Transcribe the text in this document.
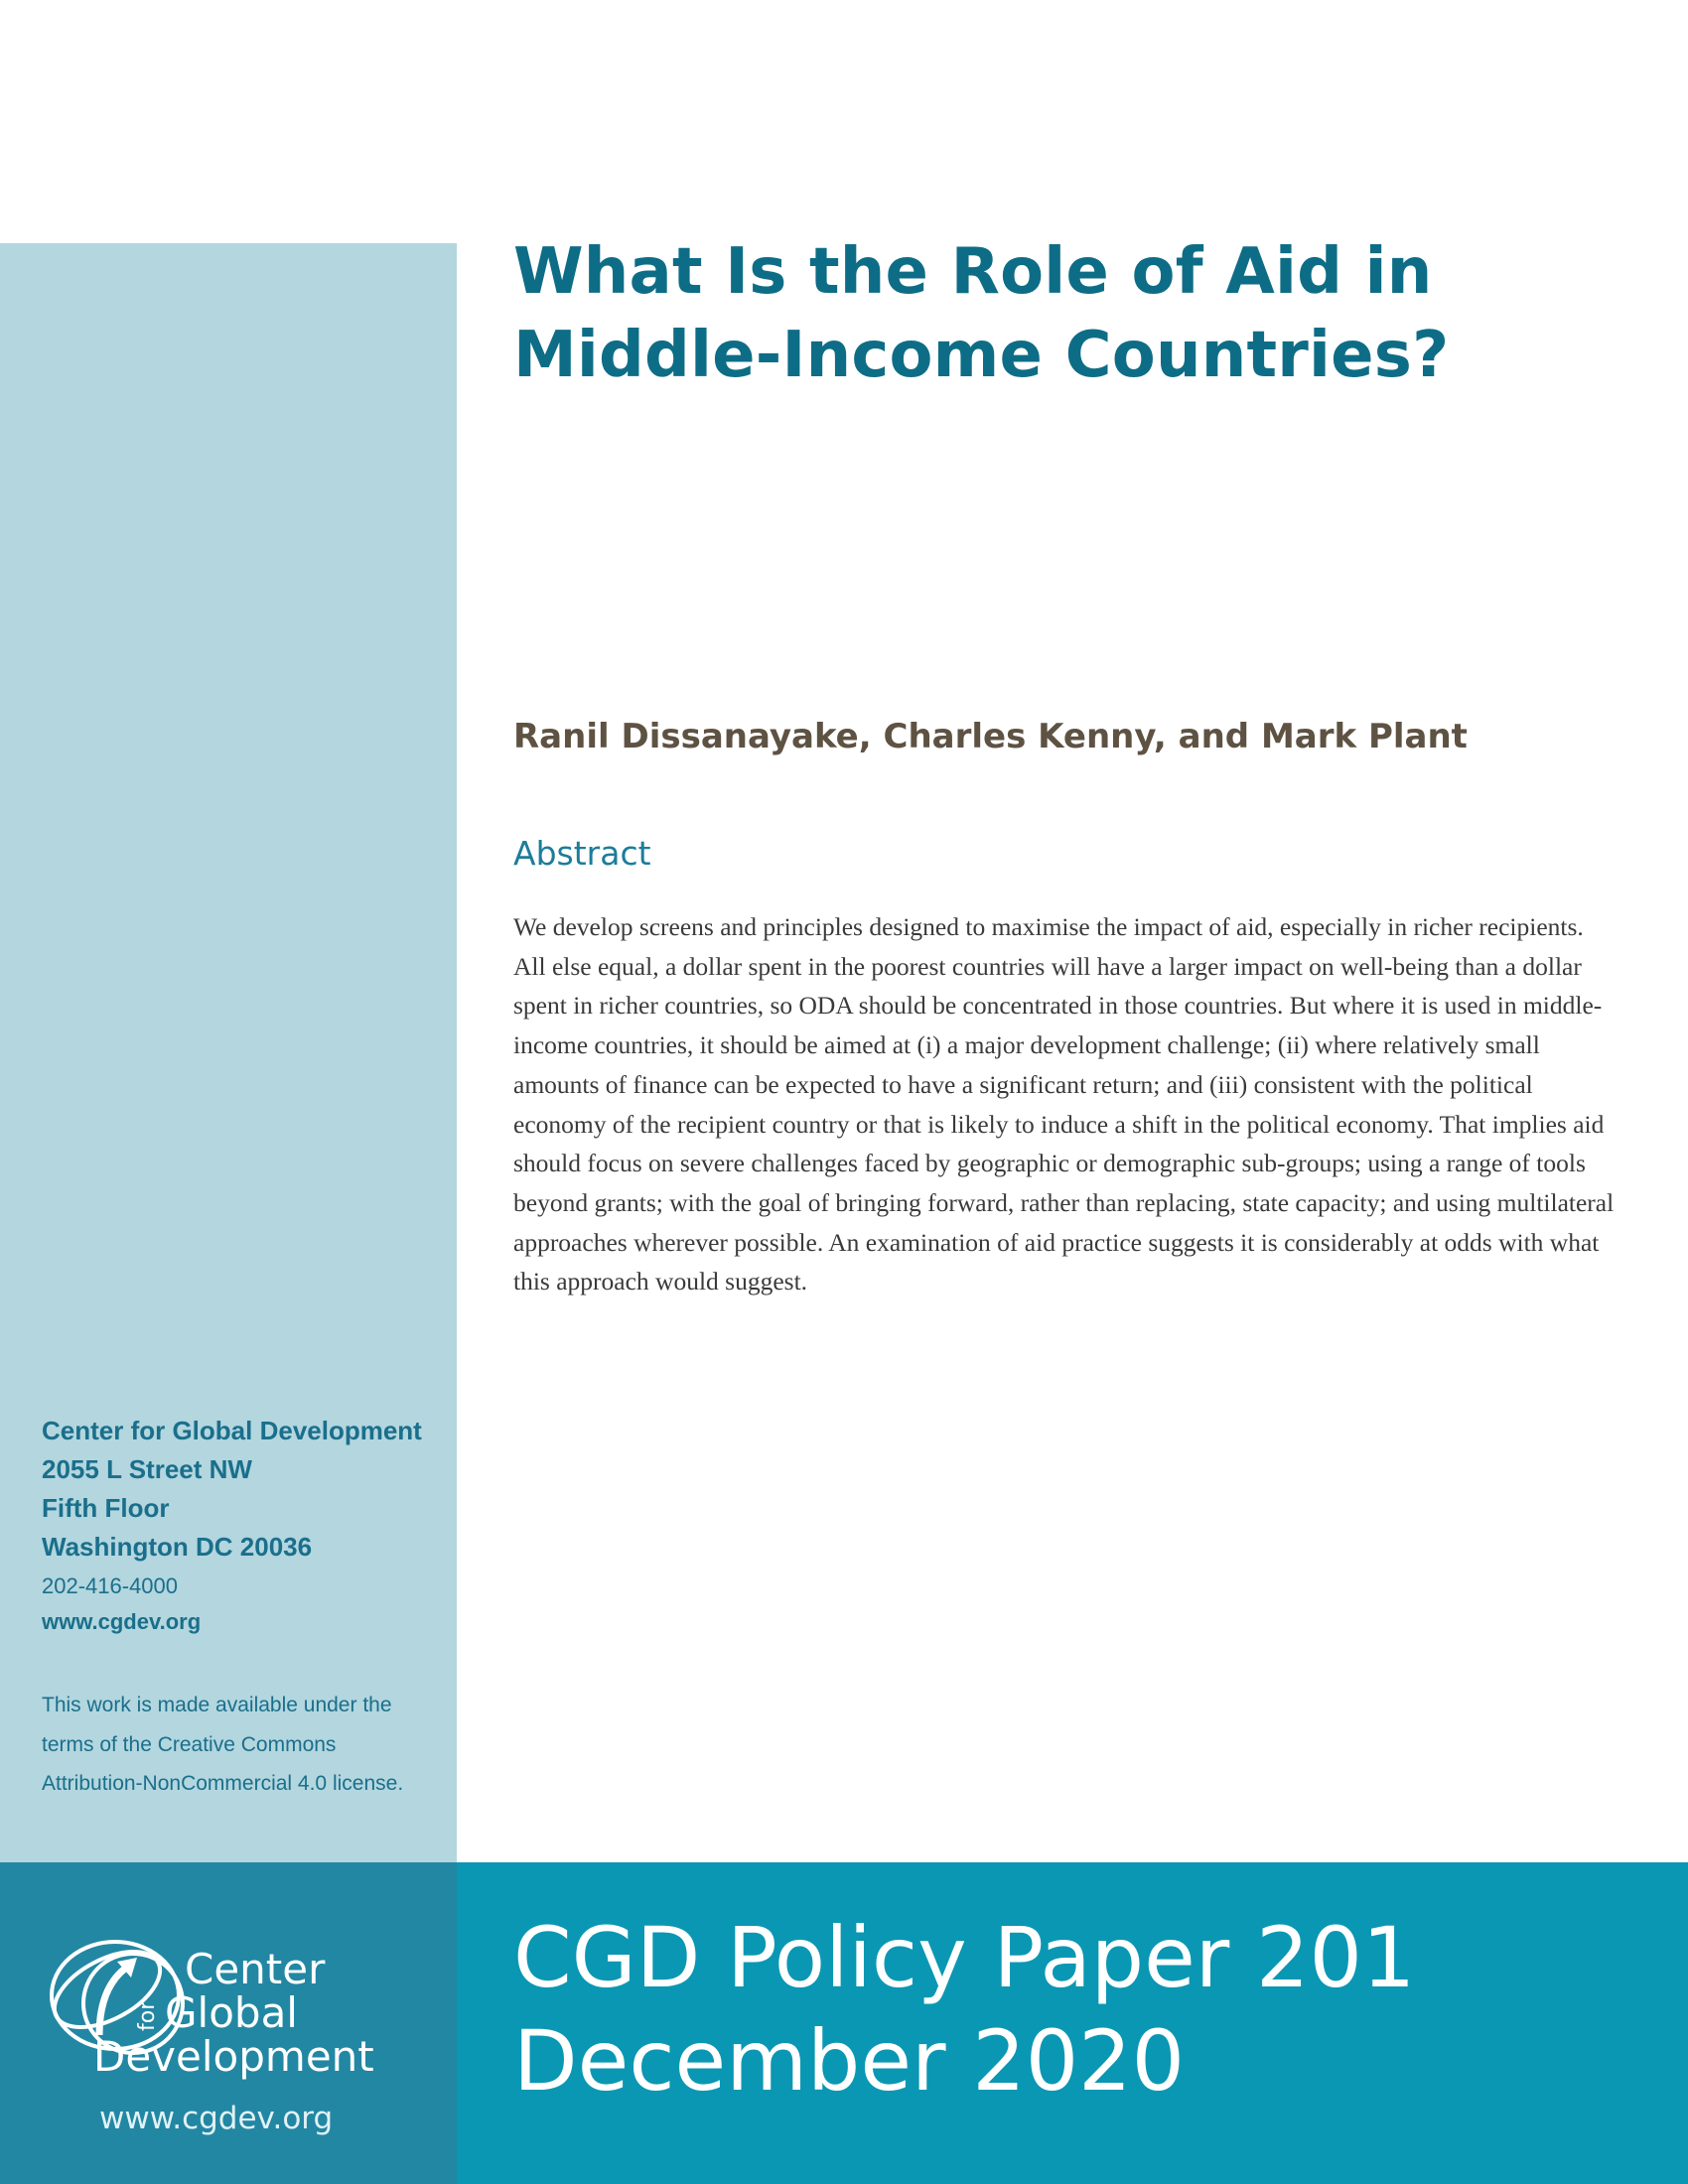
What Is the Role of Aid in
Middle-Income Countries?

Ranil Dissanayake, Charles Kenny, and Mark Plant

Abstract

We develop screens and principles designed to maximise the impact of aid, especially in richer recipients. All else equal, a dollar spent in the poorest countries will have a larger impact on well-being than a dollar spent in richer countries, so ODA should be concentrated in those countries. But where it is used in middle-income countries, it should be aimed at (i) a major development challenge; (ii) where relatively small amounts of finance can be expected to have a significant return; and (iii) consistent with the political economy of the recipient country or that is likely to induce a shift in the political economy. That implies aid should focus on severe challenges faced by geographic or demographic sub-groups; using a range of tools beyond grants; with the goal of bringing forward, rather than replacing, state capacity; and using multilateral approaches wherever possible. An examination of aid practice suggests it is considerably at odds with what this approach would suggest.

Center for Global Development
2055 L Street NW
Fifth Floor
Washington DC 20036
202-416-4000
www.cgdev.org

This work is made available under the terms of the Creative Commons Attribution-NonCommercial 4.0 license.

Center
for Global
Development
www.cgdev.org
CGD Policy Paper 201
December 2020
